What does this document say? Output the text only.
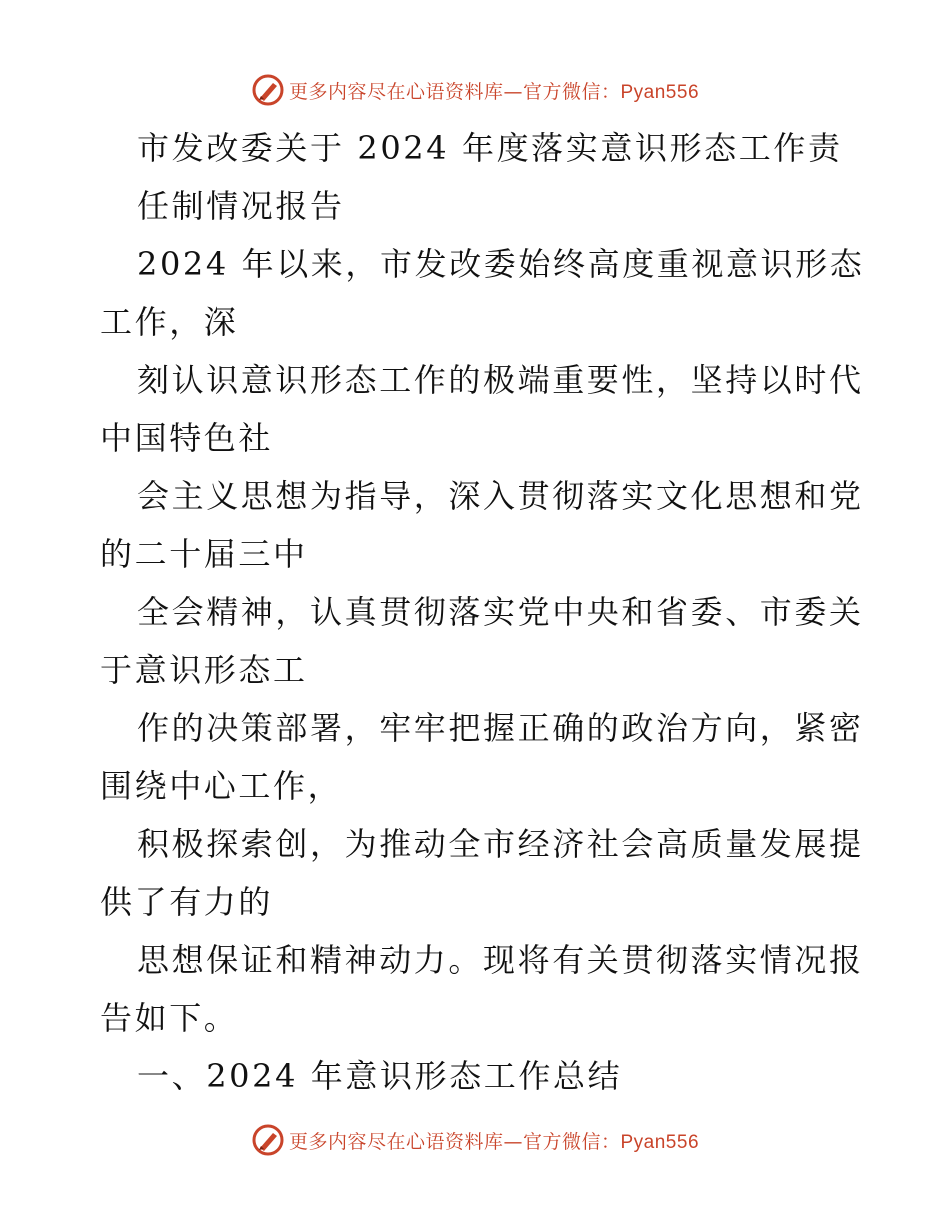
更多内容尽在心语资料库—官方微信：Pyan556
市发改委关于 2024 年度落实意识形态工作责
任制情况报告
2024 年以来，市发改委始终高度重视意识形态
工作，深
刻认识意识形态工作的极端重要性，坚持以时代
中国特色社
会主义思想为指导，深入贯彻落实文化思想和党
的二十届三中
全会精神，认真贯彻落实党中央和省委、市委关
于意识形态工
作的决策部署，牢牢把握正确的政治方向，紧密
围绕中心工作，
积极探索创，为推动全市经济社会高质量发展提
供了有力的
思想保证和精神动力。现将有关贯彻落实情况报
告如下。
一、2024 年意识形态工作总结
更多内容尽在心语资料库—官方微信：Pyan556
